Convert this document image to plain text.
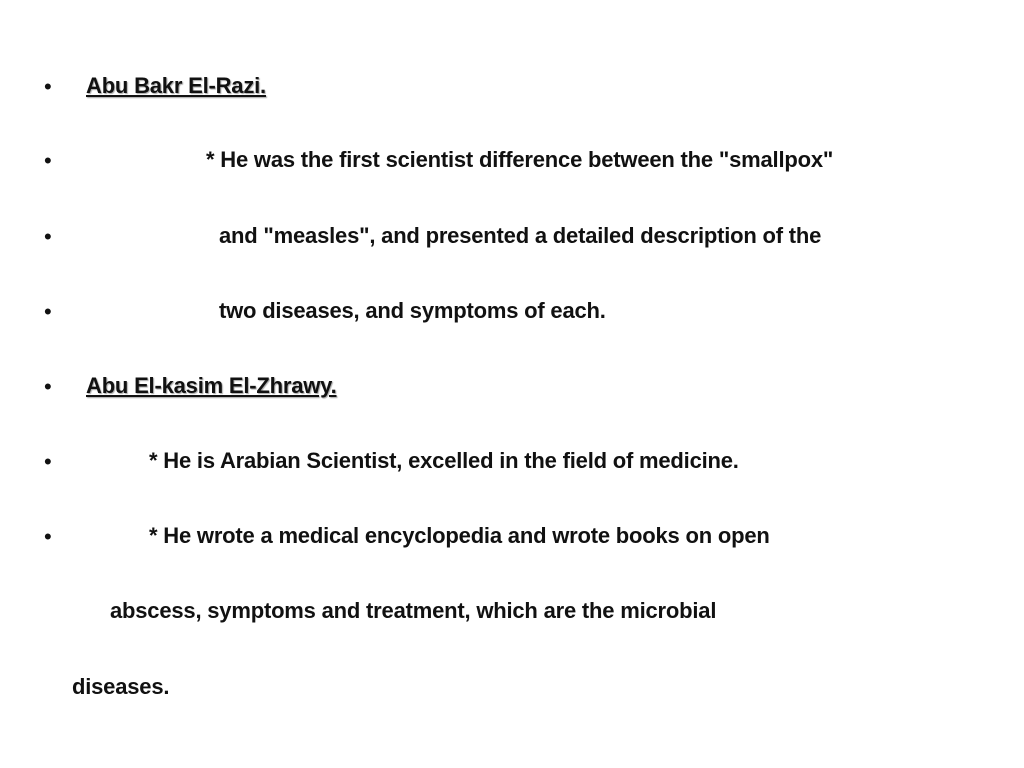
• Abu Bakr El-Razi.
•	* He was the first scientist difference between the "smallpox"
•	and "measles", and presented a detailed description of the
•	two diseases, and symptoms of each.
• Abu El-kasim El-Zhrawy.
•	* He is Arabian Scientist, excelled in the field of medicine.
•	* He wrote a medical encyclopedia and wrote books on open
abscess, symptoms and treatment, which are the microbial
diseases.
